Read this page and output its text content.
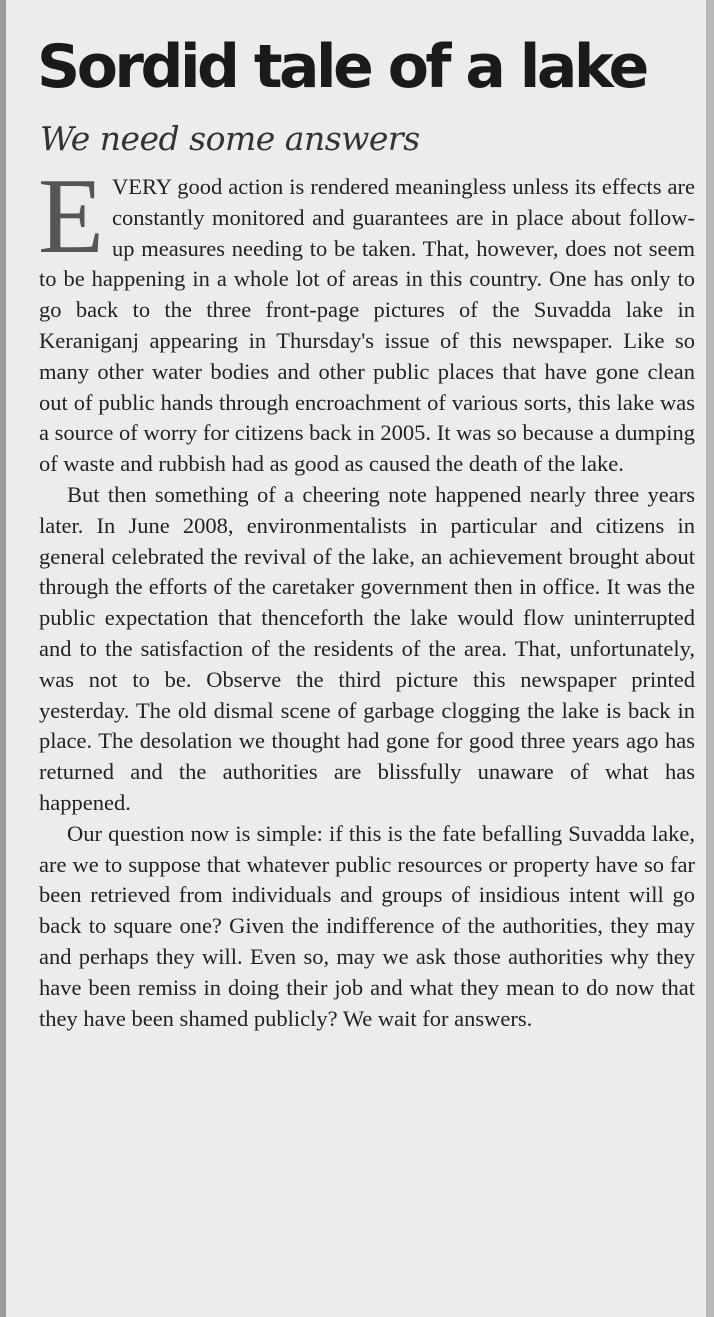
Sordid tale of a lake
We need some answers

EVERY good action is rendered meaningless unless its effects are constantly monitored and guarantees are in place about follow-up measures needing to be taken. That, however, does not seem to be happening in a whole lot of areas in this country. One has only to go back to the three front-page pictures of the Suvadda lake in Keraniganj appearing in Thursday's issue of this newspaper. Like so many other water bodies and other public places that have gone clean out of public hands through encroachment of various sorts, this lake was a source of worry for citizens back in 2005. It was so because a dumping of waste and rubbish had as good as caused the death of the lake.

But then something of a cheering note happened nearly three years later. In June 2008, environmentalists in particular and citizens in general celebrated the revival of the lake, an achievement brought about through the efforts of the caretaker government then in office. It was the public expectation that thenceforth the lake would flow uninterrupted and to the satisfaction of the residents of the area. That, unfortunately, was not to be. Observe the third picture this newspaper printed yesterday. The old dismal scene of garbage clogging the lake is back in place. The desolation we thought had gone for good three years ago has returned and the authorities are blissfully unaware of what has happened.

Our question now is simple: if this is the fate befalling Suvadda lake, are we to suppose that whatever public resources or property have so far been retrieved from individuals and groups of insidious intent will go back to square one? Given the indifference of the authorities, they may and perhaps they will. Even so, may we ask those authorities why they have been remiss in doing their job and what they mean to do now that they have been shamed publicly? We wait for answers.
